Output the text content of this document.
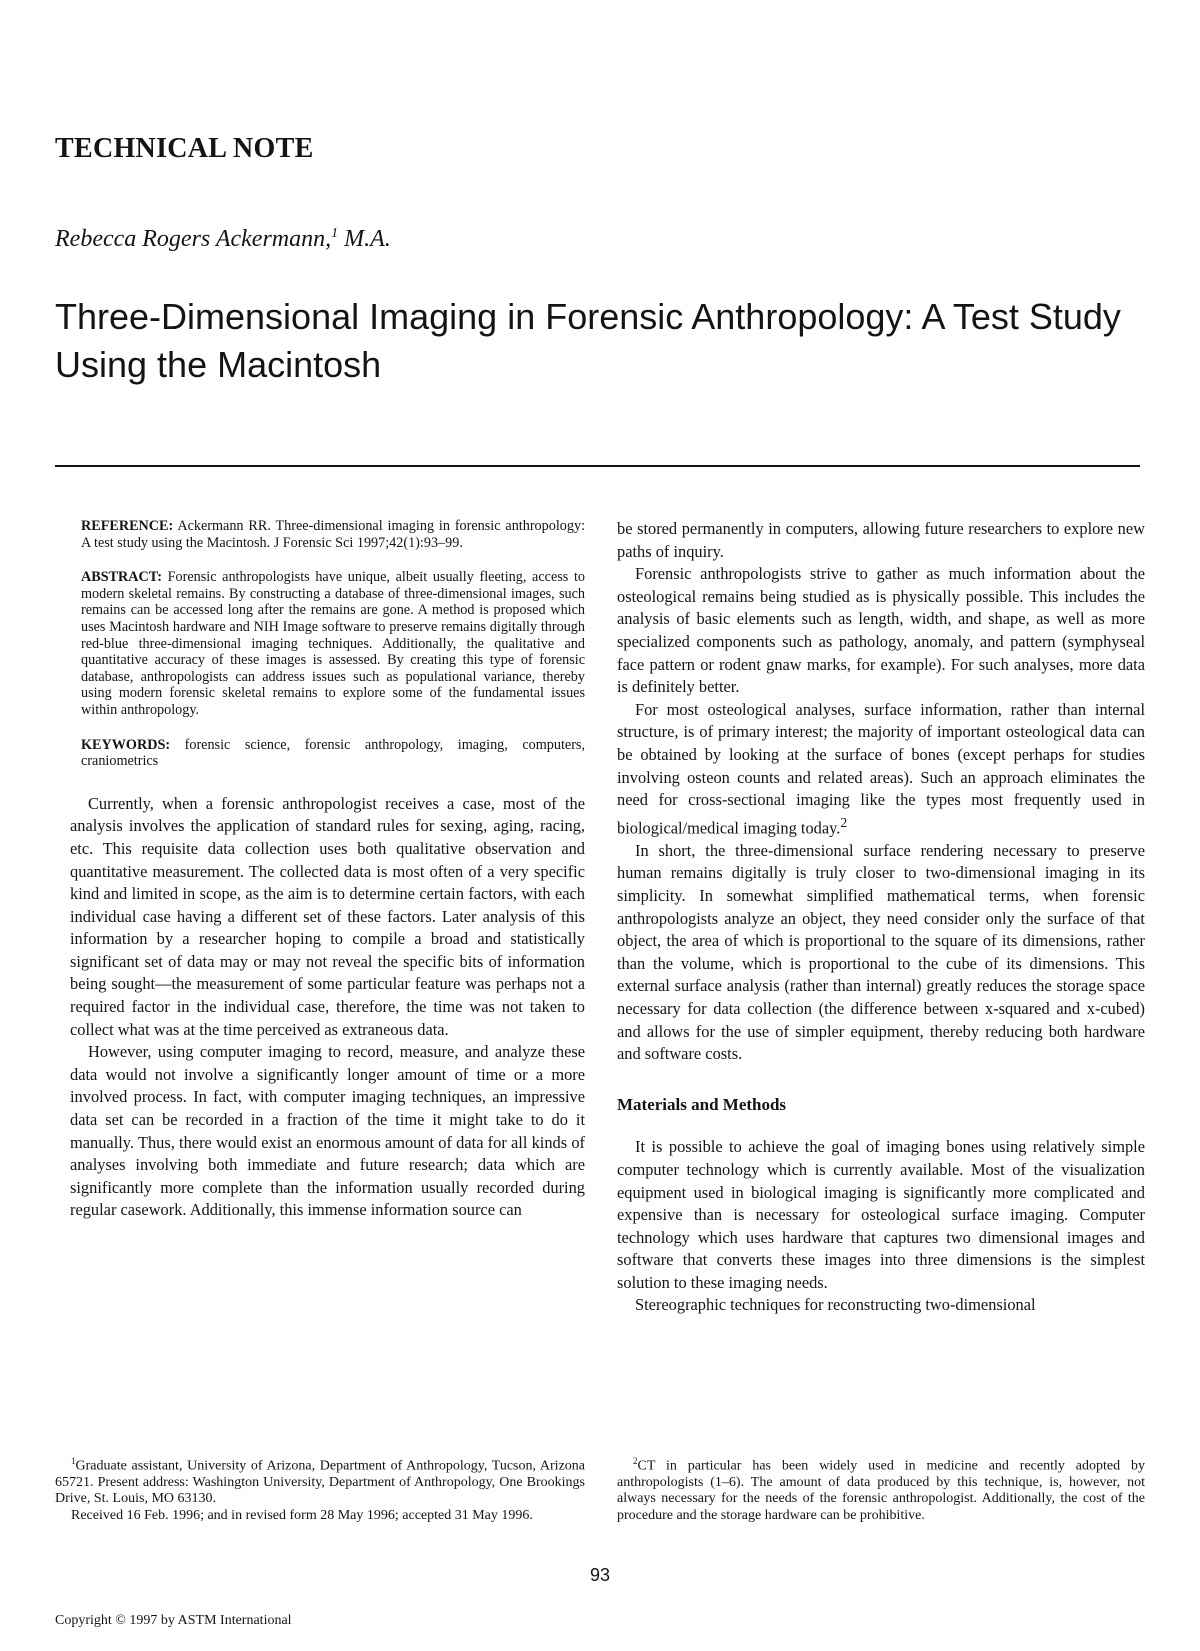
TECHNICAL NOTE

Rebecca Rogers Ackermann,$^1$ M.A.

Three-Dimensional Imaging in Forensic Anthropology: A Test Study Using the Macintosh

REFERENCE: Ackermann RR. Three-dimensional imaging in forensic anthropology: A test study using the Macintosh. J Forensic Sci 1997;42(1):93–99.

ABSTRACT: Forensic anthropologists have unique, albeit usually fleeting, access to modern skeletal remains. By constructing a database of three-dimensional images, such remains can be accessed long after the remains are gone. A method is proposed which uses Macintosh hardware and NIH Image software to preserve remains digitally through red-blue three-dimensional imaging techniques. Additionally, the qualitative and quantitative accuracy of these images is assessed. By creating this type of forensic database, anthropologists can address issues such as populational variance, thereby using modern forensic skeletal remains to explore some of the fundamental issues within anthropology.

KEYWORDS: forensic science, forensic anthropology, imaging, computers, craniometrics

Currently, when a forensic anthropologist receives a case, most of the analysis involves the application of standard rules for sexing, aging, racing, etc. This requisite data collection uses both qualitative observation and quantitative measurement. The collected data is most often of a very specific kind and limited in scope, as the aim is to determine certain factors, with each individual case having a different set of these factors. Later analysis of this information by a researcher hoping to compile a broad and statistically significant set of data may or may not reveal the specific bits of information being sought—the measurement of some particular feature was perhaps not a required factor in the individual case, therefore, the time was not taken to collect what was at the time perceived as extraneous data.

However, using computer imaging to record, measure, and analyze these data would not involve a significantly longer amount of time or a more involved process. In fact, with computer imaging techniques, an impressive data set can be recorded in a fraction of the time it might take to do it manually. Thus, there would exist an enormous amount of data for all kinds of analyses involving both immediate and future research; data which are significantly more complete than the information usually recorded during regular casework. Additionally, this immense information source can

be stored permanently in computers, allowing future researchers to explore new paths of inquiry.

Forensic anthropologists strive to gather as much information about the osteological remains being studied as is physically possible. This includes the analysis of basic elements such as length, width, and shape, as well as more specialized components such as pathology, anomaly, and pattern (symphyseal face pattern or rodent gnaw marks, for example). For such analyses, more data is definitely better.

For most osteological analyses, surface information, rather than internal structure, is of primary interest; the majority of important osteological data can be obtained by looking at the surface of bones (except perhaps for studies involving osteon counts and related areas). Such an approach eliminates the need for cross-sectional imaging like the types most frequently used in biological/medical imaging today.$^2$

In short, the three-dimensional surface rendering necessary to preserve human remains digitally is truly closer to two-dimensional imaging in its simplicity. In somewhat simplified mathematical terms, when forensic anthropologists analyze an object, they need consider only the surface of that object, the area of which is proportional to the square of its dimensions, rather than the volume, which is proportional to the cube of its dimensions. This external surface analysis (rather than internal) greatly reduces the storage space necessary for data collection (the difference between x-squared and x-cubed) and allows for the use of simpler equipment, thereby reducing both hardware and software costs.

Materials and Methods

It is possible to achieve the goal of imaging bones using relatively simple computer technology which is currently available. Most of the visualization equipment used in biological imaging is significantly more complicated and expensive than is necessary for osteological surface imaging. Computer technology which uses hardware that captures two dimensional images and software that converts these images into three dimensions is the simplest solution to these imaging needs.

Stereographic techniques for reconstructing two-dimensional

$^1$Graduate assistant, University of Arizona, Department of Anthropology, Tucson, Arizona 65721. Present address: Washington University, Department of Anthropology, One Brookings Drive, St. Louis, MO 63130.

Received 16 Feb. 1996; and in revised form 28 May 1996; accepted 31 May 1996.

$^2$CT in particular has been widely used in medicine and recently adopted by anthropologists (1–6). The amount of data produced by this technique, is, however, not always necessary for the needs of the forensic anthropologist. Additionally, the cost of the procedure and the storage hardware can be prohibitive.

93

Copyright © 1997 by ASTM International
